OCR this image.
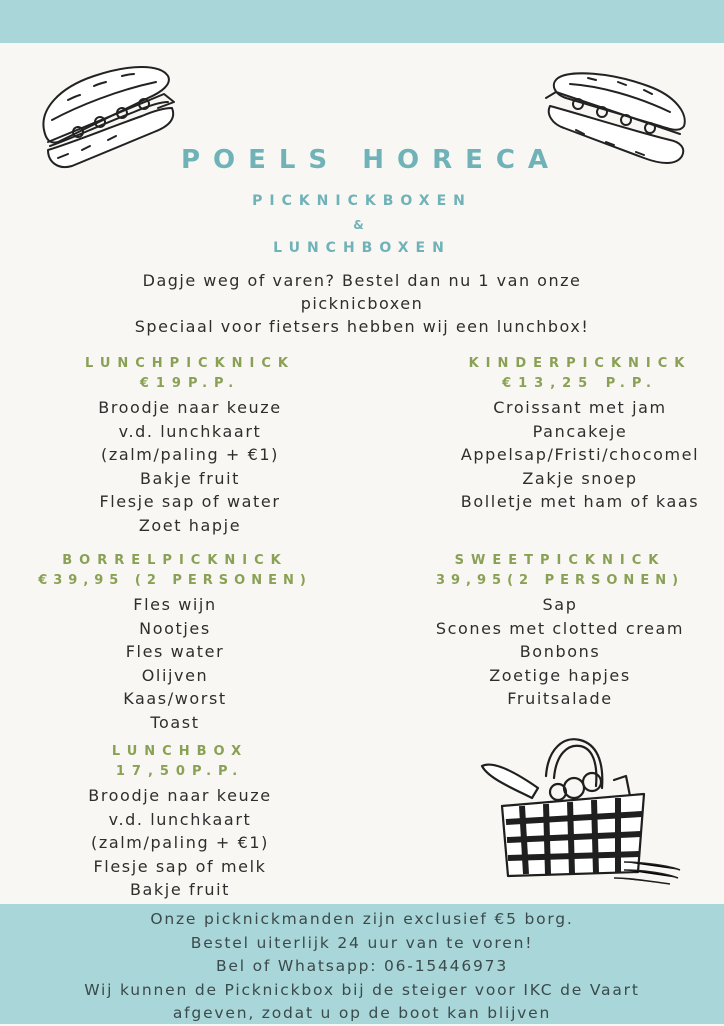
POELS HORECA
PICKNICKBOXEN
&
LUNCHBOXEN
Dagje weg of varen? Bestel dan nu 1 van onze
picknicboxen
Speciaal voor fietsers hebben wij een lunchbox!
LUNCHPICKNICK
€19P.P.
Broodje naar keuze
v.d. lunchkaart
(zalm/paling + €1)
Bakje fruit
Flesje sap of water
Zoet hapje
KINDERPICKNICK
€13,25 P.P.
Croissant met jam
Pancakeje
Appelsap/Fristi/chocomel
Zakje snoep
Bolletje met ham of kaas
BORRELPICKNICK
€39,95 (2 PERSONEN)
Fles wijn
Nootjes
Fles water
Olijven
Kaas/worst
Toast
SWEETPICKNICK
39,95(2 PERSONEN)
Sap
Scones met clotted cream
Bonbons
Zoetige hapjes
Fruitsalade
LUNCHBOX
17,50P.P.
Broodje naar keuze
v.d. lunchkaart
(zalm/paling + €1)
Flesje sap of melk
Bakje fruit
Onze picknickmanden zijn exclusief €5 borg.
Bestel uiterlijk 24 uur van te voren!
Bel of Whatsapp: 06-15446973
Wij kunnen de Picknickbox bij de steiger voor IKC de Vaart
afgeven, zodat u op de boot kan blijven
